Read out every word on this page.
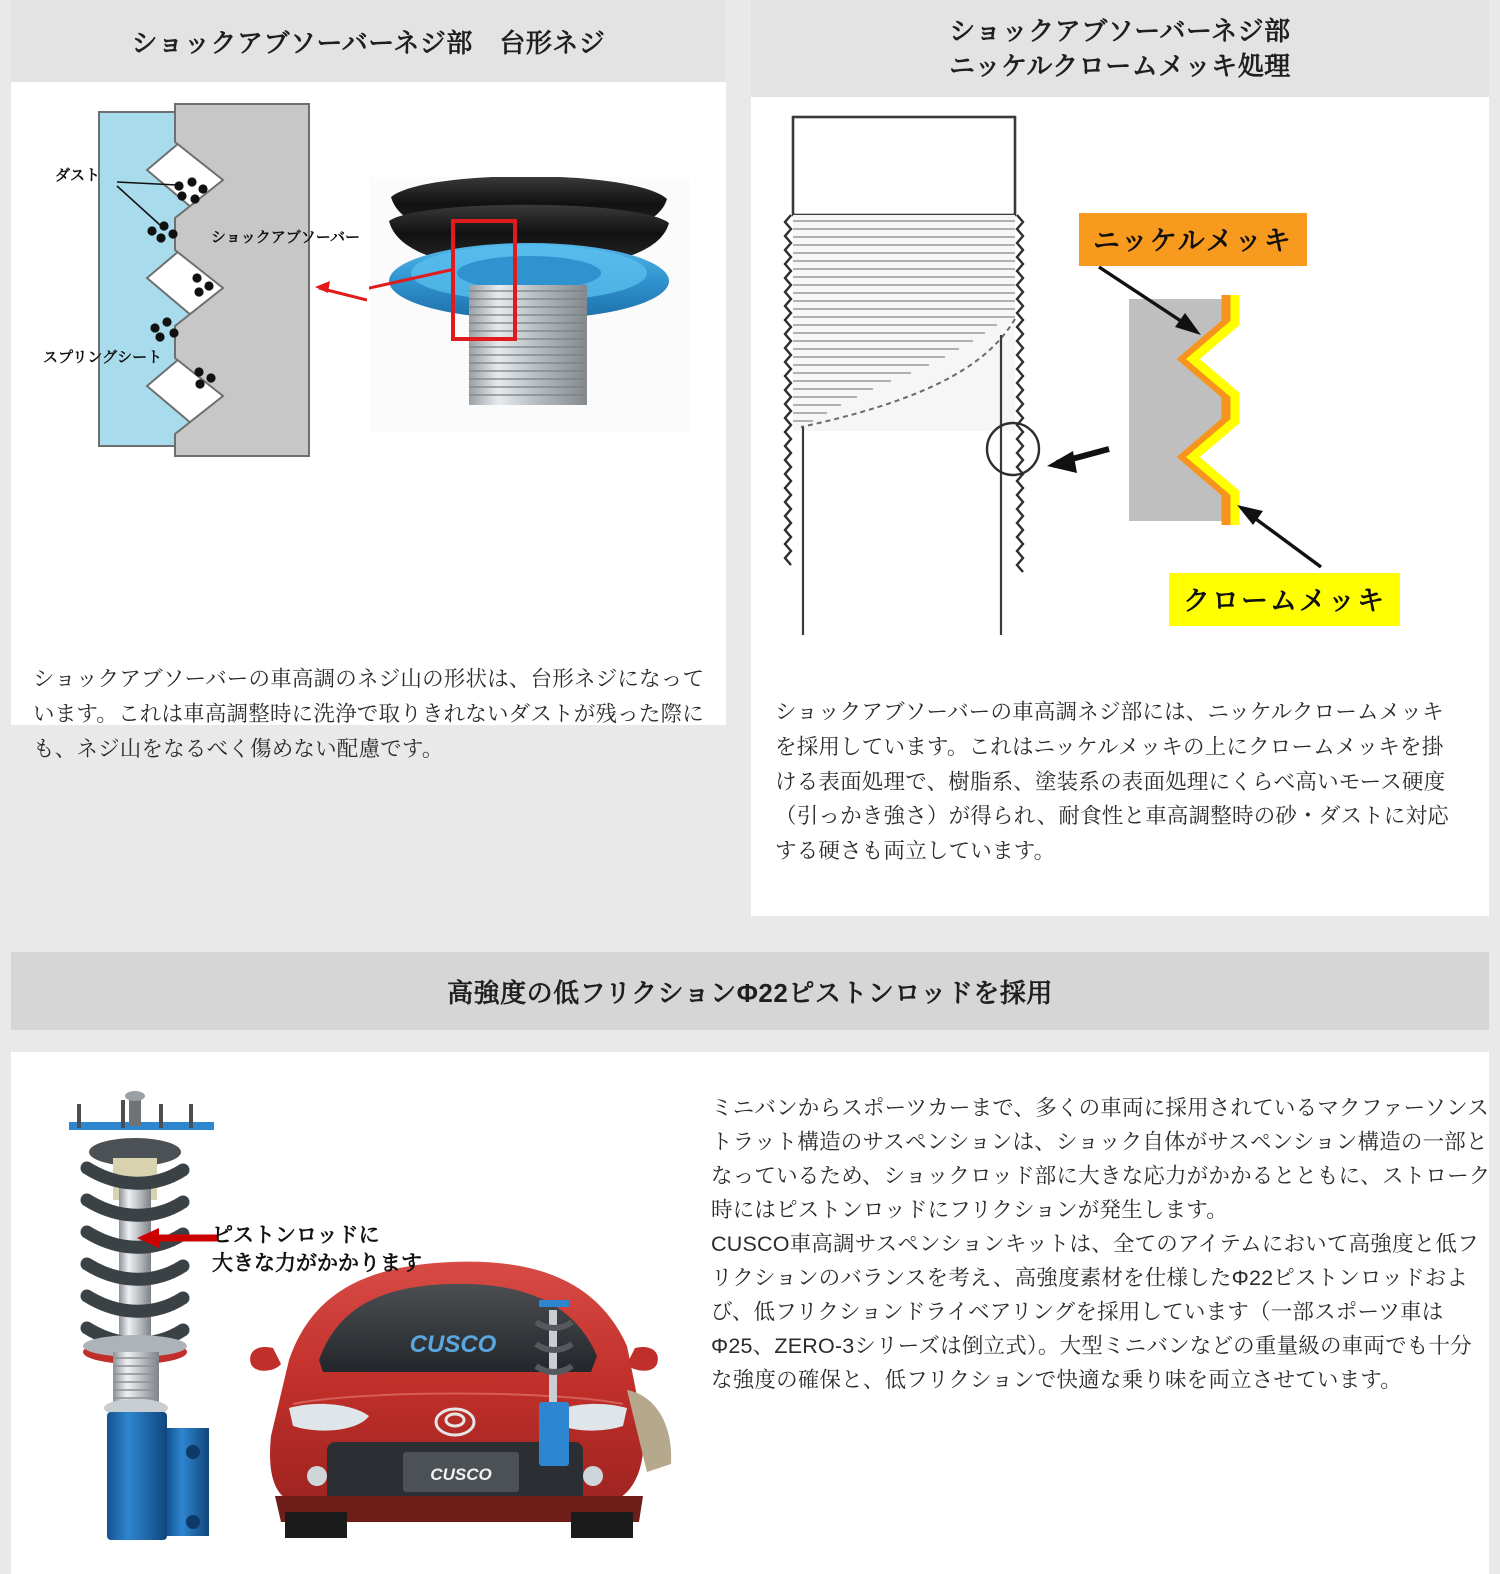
ショックアブソーバーネジ部　台形ネジ
ダスト
ショックアブソーバー
スプリングシート
ショックアブソーバーの車高調のネジ山の形状は、台形ネジになっています。これは車高調整時に洗浄で取りきれないダストが残った際にも、ネジ山をなるべく傷めない配慮です。
ショックアブソーバーネジ部
ニッケルクロームメッキ処理
ニッケルメッキ
クロームメッキ
ショックアブソーバーの車高調ネジ部には、ニッケルクロームメッキを採用しています。これはニッケルメッキの上にクロームメッキを掛ける表面処理で、樹脂系、塗装系の表面処理にくらべ高いモース硬度（引っかき強さ）が得られ、耐食性と車高調整時の砂・ダストに対応する硬さも両立しています。
高強度の低フリクションΦ22ピストンロッドを採用
CUSCO
CUSCO
ミニバンからスポーツカーまで、多くの車両に採用されているマクファーソンストラット構造のサスペンションは、ショック自体がサスペンション構造の一部となっているため、ショックロッド部に大きな応力がかかるとともに、ストローク時にはピストンロッドにフリクションが発生します。
CUSCO車高調サスペンションキットは、全てのアイテムにおいて高強度と低フリクションのバランスを考え、高強度素材を仕様したΦ22ピストンロッドおよび、低フリクションドライベアリングを採用しています（一部スポーツ車はΦ25、ZERO-3シリーズは倒立式）。大型ミニバンなどの重量級の車両でも十分な強度の確保と、低フリクションで快適な乗り味を両立させています。
ピストンロッドに
大きな力がかかります
